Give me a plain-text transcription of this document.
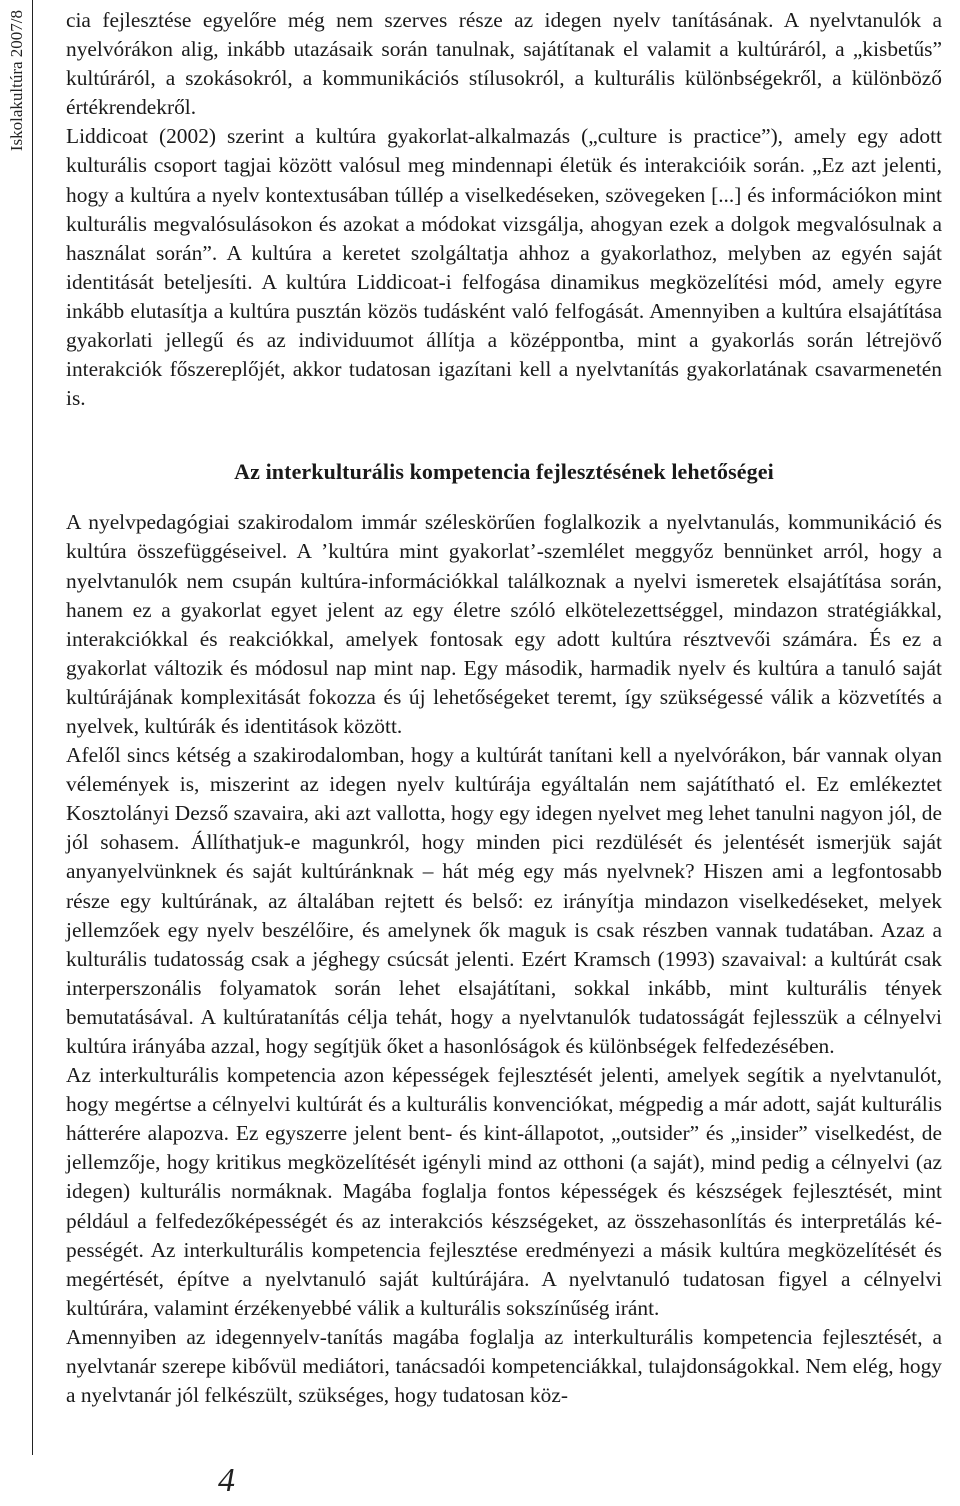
Iskolakultúra 2007/8 cia fejlesztése egyelőre még nem szerves része az idegen nyelv tanításának. A nyelvtanulók a nyelvórákon alig, inkább utazásaik során tanulnak, sajátítanak el valamit a kultúráról, a „kisbetűs” kultúráról, a szokásokról, a kommunikációs stílusokról, a kulturális különbségekről, a különböző értékrendekről.

Liddicoat (2002) szerint a kultúra gyakorlat-alkalmazás („culture is practice”), amely egy adott kulturális csoport tagjai között valósul meg mindennapi életük és interakcióik során. „Ez azt jelenti, hogy a kultúra a nyelv kontextusában túllép a viselkedéseken, szövegeken [...] és információkon mint kulturális megvalósulásokon és azokat a módokat vizsgálja, ahogyan ezek a dolgok megvalósulnak a használat során”. A kultúra a keretet szolgáltatja ahhoz a gyakorlathoz, melyben az egyén saját identitását beteljesíti. A kultúra Liddicoat-i felfogása dinamikus megközelítési mód, amely egyre inkább elutasítja a kultúra pusztán közös tudásként való felfogását. Amennyiben a kultúra elsajátítása gyakorlati jellegű és az individuumot állítja a középpontba, mint a gyakorlás során létrejövő interakciók főszereplőjét, akkor tudatosan igazítani kell a nyelvtanítás gyakorlatának csavarmenetén is.

Az interkulturális kompetencia fejlesztésének lehetőségei

A nyelvpedagógiai szakirodalom immár széleskörűen foglalkozik a nyelvtanulás, kommunikáció és kultúra összefüggéseivel. A ’kultúra mint gyakorlat’-szemlélet meggyőz bennünket arról, hogy a nyelvtanulók nem csupán kultúra-információkkal találkoznak a nyelvi ismeretek elsajátítása során, hanem ez a gyakorlat egyet jelent az egy életre szóló elkötelezettséggel, mindazon stratégiákkal, interakciókkal és reakciókkal, amelyek fontosak egy adott kultúra résztvevői számára. És ez a gyakorlat változik és módosul nap mint nap. Egy második, harmadik nyelv és kultúra a tanuló saját kultúrájának komplexitását fokozza és új lehetőségeket teremt, így szükségessé válik a közvetítés a nyelvek, kultúrák és identitások között.

Afelől sincs kétség a szakirodalomban, hogy a kultúrát tanítani kell a nyelvórákon, bár vannak olyan vélemények is, miszerint az idegen nyelv kultúrája egyáltalán nem sajátítható el. Ez emlékeztet Kosztolányi Dezső szavaira, aki azt vallotta, hogy egy idegen nyelvet meg lehet tanulni nagyon jól, de jól sohasem. Állíthatjuk-e magunkról, hogy minden pici rezdülését és jelentését ismerjük saját anyanyelvünknek és saját kultúránknak – hát még egy más nyelvnek? Hiszen ami a legfontosabb része egy kultúrának, az általában rejtett és belső: ez irányítja mindazon viselkedéseket, melyek jellemzőek egy nyelv beszélőire, és amelynek ők maguk is csak részben vannak tudatában. Azaz a kulturális tudatosság csak a jéghegy csúcsát jelenti. Ezért Kramsch (1993) szavaival: a kultúrát csak interperszonális folyamatok során lehet elsajátítani, sokkal inkább, mint kulturális tények bemutatásával. A kultúratanítás célja tehát, hogy a nyelvtanulók tudatosságát fejlesszük a célnyelvi kultúra irányába azzal, hogy segítjük őket a hasonlóságok és különbségek felfedezésében.

Az interkulturális kompetencia azon képességek fejlesztését jelenti, amelyek segítik a nyelvtanulót, hogy megértse a célnyelvi kultúrát és a kulturális konvenciókat, mégpedig a már adott, saját kulturális hátterére alapozva. Ez egyszerre jelent bent- és kint-állapotot, „outsider” és „insider” viselkedést, de jellemzője, hogy kritikus megközelítését igényli mind az otthoni (a saját), mind pedig a célnyelvi (az idegen) kulturális normáknak. Magába foglalja fontos képességek és készségek fejlesztését, mint például a felfedezőképességét és az interakciós készségeket, az összehasonlítás és interpretálás képességét. Az interkulturális kompetencia fejlesztése eredményezi a másik kultúra megközelítését és megértését, építve a nyelvtanuló saját kultúrájára. A nyelvtanuló tudatosan figyel a célnyelvi kultúrára, valamint érzékenyebbé válik a kulturális sokszínűség iránt.

Amennyiben az idegennyelv-tanítás magába foglalja az interkulturális kompetencia fejlesztését, a nyelvtanár szerepe kibővül mediátori, tanácsadói kompetenciákkal, tulajdonságokkal. Nem elég, hogy a nyelvtanár jól felkészült, szükséges, hogy tudatosan köz-

4
